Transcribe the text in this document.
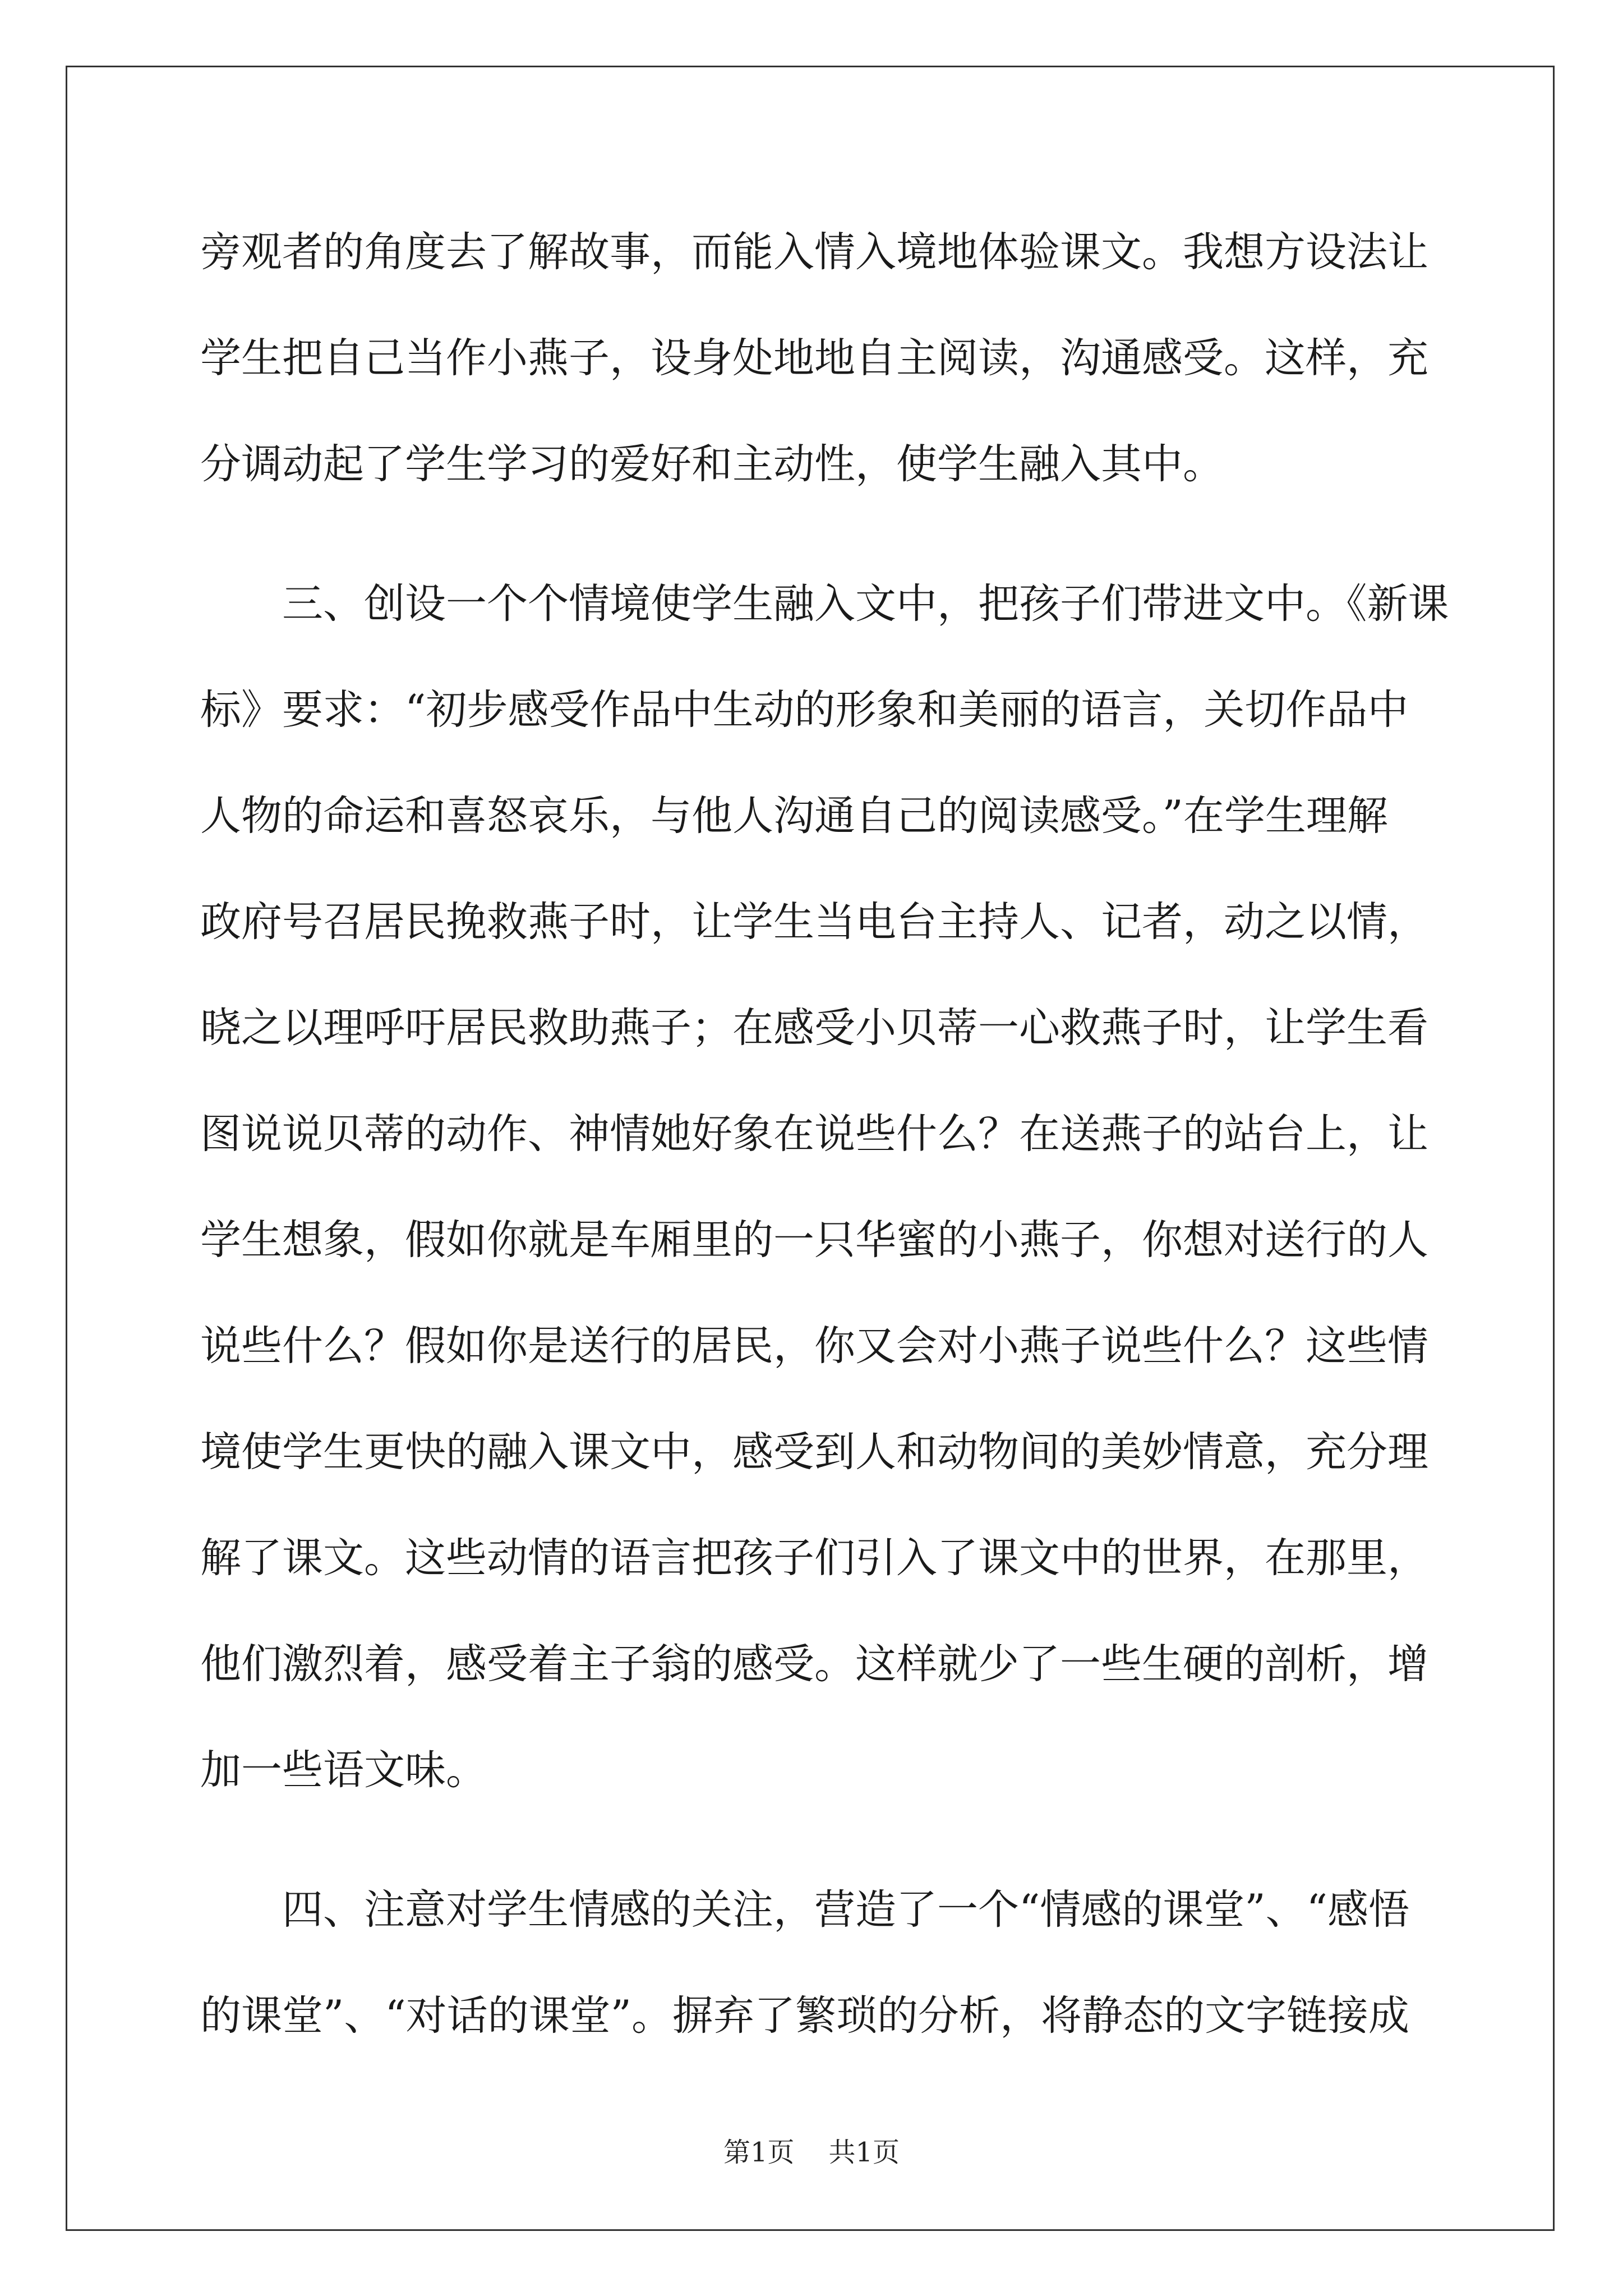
旁观者的角度去了解故事，而能入情入境地体验课文。我想方设法让
学生把自己当作小燕子，设身处地地自主阅读，沟通感受。这样，充
分调动起了学生学习的爱好和主动性，使学生融入其中。
　　三、创设一个个情境使学生融入文中，把孩子们带进文中。《新课
标》要求：“初步感受作品中生动的形象和美丽的语言，关切作品中
人物的命运和喜怒哀乐，与他人沟通自己的阅读感受。”在学生理解
政府号召居民挽救燕子时，让学生当电台主持人、记者，动之以情，
晓之以理呼吁居民救助燕子；在感受小贝蒂一心救燕子时，让学生看
图说说贝蒂的动作、神情她好象在说些什么？在送燕子的站台上，让
学生想象，假如你就是车厢里的一只华蜜的小燕子，你想对送行的人
说些什么？假如你是送行的居民，你又会对小燕子说些什么？这些情
境使学生更快的融入课文中，感受到人和动物间的美妙情意，充分理
解了课文。这些动情的语言把孩子们引入了课文中的世界，在那里，
他们激烈着，感受着主子翁的感受。这样就少了一些生硬的剖析，增
加一些语文味。
　　四、注意对学生情感的关注，营造了一个“情感的课堂”、“感悟
的课堂”、“对话的课堂”。摒弃了繁琐的分析，将静态的文字链接成
第1页    共1页
